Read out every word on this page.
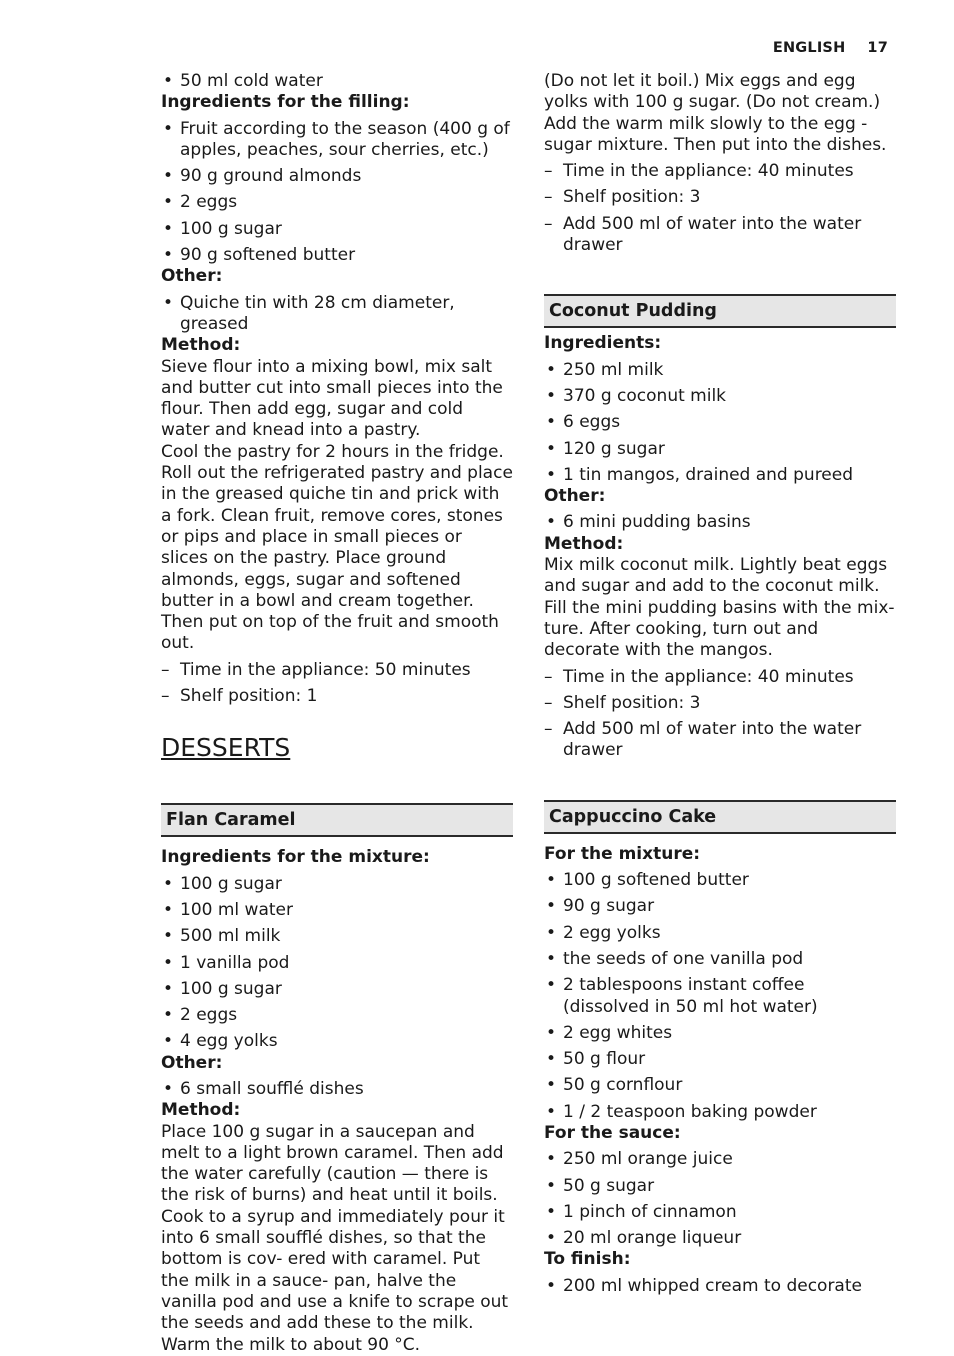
ENGLISH 17
• 50 ml cold water
Ingredients for the filling:
• Fruit according to the season (400 g of apples, peaches, sour cherries, etc.)
• 90 g ground almonds
• 2 eggs
• 100 g sugar
• 90 g softened butter
Other:
• Quiche tin with 28 cm diameter, greased
Method:

Sieve flour into a mixing bowl, mix salt and butter cut into small pieces into the flour. Then add egg, sugar and cold water and knead into a pastry.

Cool the pastry for 2 hours in the fridge. Roll out the refrigerated pastry and place in the greased quiche tin and prick with a fork. Clean fruit, remove cores, stones or pips and place in small pieces or slices on the pastry. Place ground almonds, eggs, sugar and softened butter in a bowl and cream together. Then put on top of the fruit and smooth out.

– Time in the appliance: 50 minutes
– Shelf position: 1
DESSERTS
Flan Caramel
Ingredients for the mixture:
• 100 g sugar
• 100 ml water
• 500 ml milk
• 1 vanilla pod
• 100 g sugar
• 2 eggs
• 4 egg yolks
Other:
• 6 small soufflé dishes
Method:

Place 100 g sugar in a saucepan and melt to a light brown caramel. Then add the water carefully (caution — there is the risk of burns) and heat until it boils. Cook to a syrup and immediately pour it into 6 small soufflé dishes, so that the bottom is cov- ered with caramel. Put the milk in a sauce- pan, halve the vanilla pod and use a knife to scrape out the seeds and add these to the milk. Warm the milk to about 90 °C.

(Do not let it boil.) Mix eggs and egg yolks with 100 g sugar. (Do not cream.) Add the warm milk slowly to the egg - sugar mixture. Then put into the dishes.

– Time in the appliance: 40 minutes
– Shelf position: 3
– Add 500 ml of water into the water drawer
Coconut Pudding
Ingredients:
• 250 ml milk
• 370 g coconut milk
• 6 eggs
• 120 g sugar
• 1 tin mangos, drained and pureed
Other:
• 6 mini pudding basins
Method:

Mix milk coconut milk. Lightly beat eggs and sugar and add to the coconut milk. Fill the mini pudding basins with the mix- ture. After cooking, turn out and decorate with the mangos.

– Time in the appliance: 40 minutes
– Shelf position: 3
– Add 500 ml of water into the water drawer
Cappuccino Cake
For the mixture:
• 100 g softened butter
• 90 g sugar
• 2 egg yolks
• the seeds of one vanilla pod
• 2 tablespoons instant coffee (dissolved in 50 ml hot water)
• 2 egg whites
• 50 g flour
• 50 g cornflour
• 1 / 2 teaspoon baking powder
For the sauce:
• 250 ml orange juice
• 50 g sugar
• 1 pinch of cinnamon
• 20 ml orange liqueur
To finish:
• 200 ml whipped cream to decorate
